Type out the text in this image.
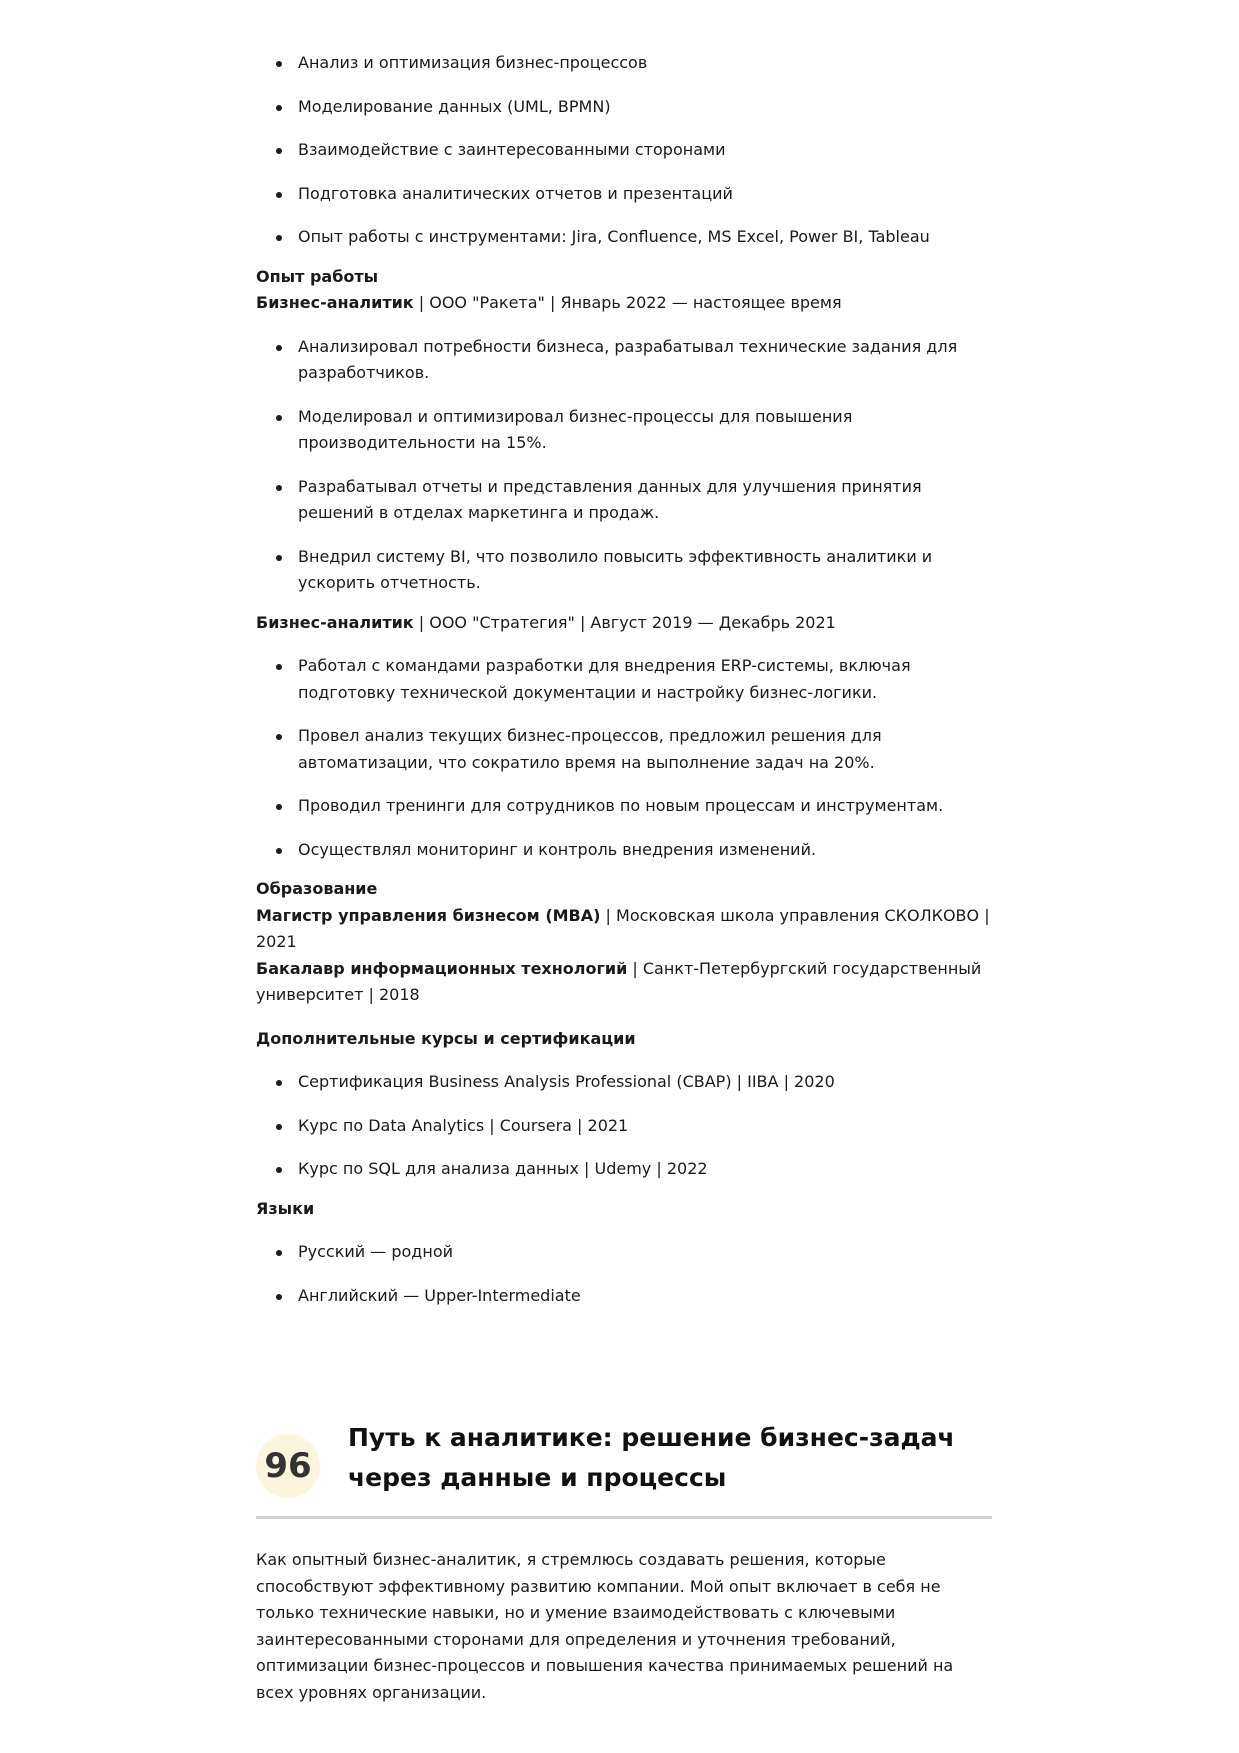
Анализ и оптимизация бизнес-процессов
Моделирование данных (UML, BPMN)
Взаимодействие с заинтересованными сторонами
Подготовка аналитических отчетов и презентаций
Опыт работы с инструментами: Jira, Confluence, MS Excel, Power BI, Tableau

Опыт работы

Бизнес-аналитик | ООО "Ракета" | Январь 2022 — настоящее время

Анализировал потребности бизнеса, разрабатывал технические задания для разработчиков.
Моделировал и оптимизировал бизнес-процессы для повышения производительности на 15%.
Разрабатывал отчеты и представления данных для улучшения принятия решений в отделах маркетинга и продаж.
Внедрил систему BI, что позволило повысить эффективность аналитики и ускорить отчетность.

Бизнес-аналитик | ООО "Стратегия" | Август 2019 — Декабрь 2021

Работал с командами разработки для внедрения ERP-системы, включая подготовку технической документации и настройку бизнес-логики.
Провел анализ текущих бизнес-процессов, предложил решения для автоматизации, что сократило время на выполнение задач на 20%.
Проводил тренинги для сотрудников по новым процессам и инструментам.
Осуществлял мониторинг и контроль внедрения изменений.

Образование

Магистр управления бизнесом (MBA) | Московская школа управления СКОЛКОВО | 2021

Бакалавр информационных технологий | Санкт-Петербургский государственный университет | 2018

Дополнительные курсы и сертификации

Сертификация Business Analysis Professional (CBAP) | IIBA | 2020
Курс по Data Analytics | Coursera | 2021
Курс по SQL для анализа данных | Udemy | 2022

Языки

Русский — родной
Английский — Upper-Intermediate
96
Путь к аналитике: решение бизнес-задач через данные и процессы

Как опытный бизнес-аналитик, я стремлюсь создавать решения, которые способствуют эффективному развитию компании. Мой опыт включает в себя не только технические навыки, но и умение взаимодействовать с ключевыми заинтересованными сторонами для определения и уточнения требований, оптимизации бизнес-процессов и повышения качества принимаемых решений на всех уровнях организации.
